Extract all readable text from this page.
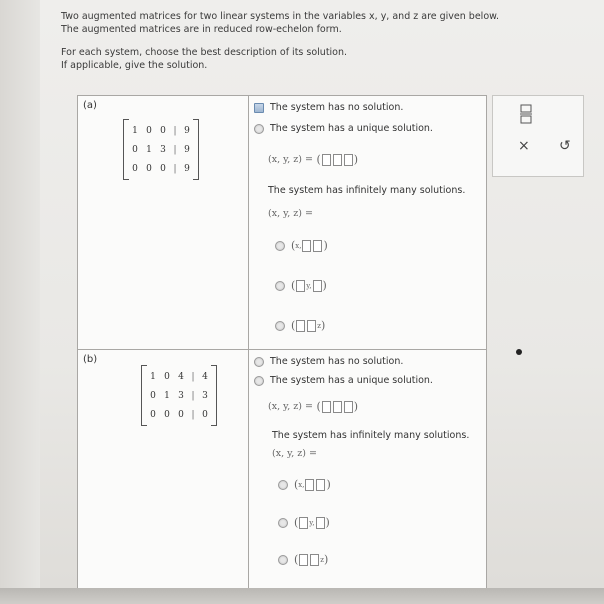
Two augmented matrices for two linear systems in the variables x, y, and z are given below.
The augmented matrices are in reduced row-echelon form.

For each system, choose the best description of its solution.
If applicable, give the solution.

(a)
1 0 0 | 9
0 1 3 | 9
0 0 0 | 9
The system has no solution.
The system has a unique solution.
(x, y, z) = (	)
The system has infinitely many solutions.
(x, y, z) =
( x, )
( y, )
(	z )
(b)
1 0 4 | 4
0 1 3 | 3
0 0 0 | 0
The system has no solution.
The system has a unique solution.
(x, y, z) = (	)
The system has infinitely many solutions.
(x, y, z) =
( x, )
( y, )
(	z )
× ↺
